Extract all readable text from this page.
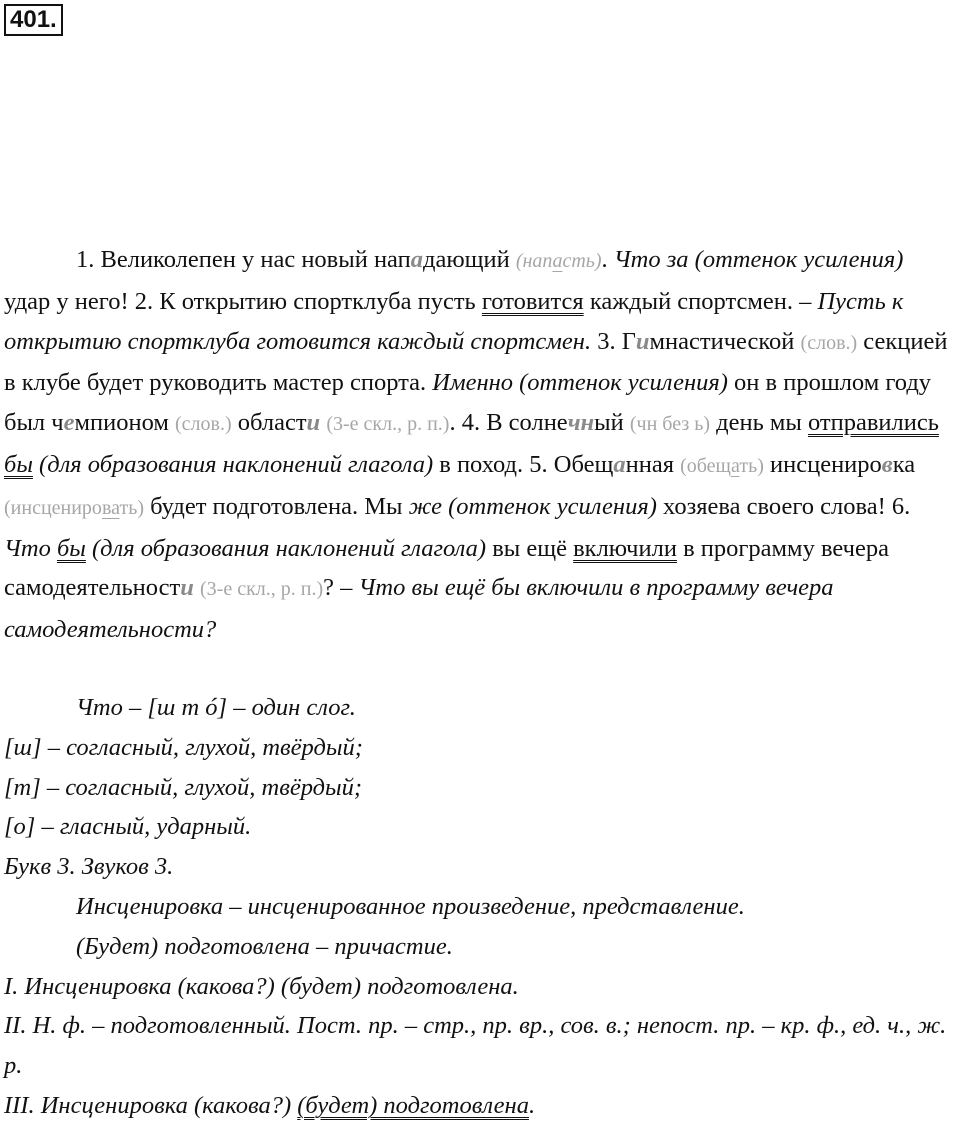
401.

1. Великолепен у нас новый нападающий (напасть). Что за (оттенок усиления) удар у него! 2. К открытию спортклуба пусть готовится каждый спортсмен. – Пусть к открытию спортклуба готовится каждый спортсмен. 3. Гимнастической (слов.) секцией в клубе будет руководить мастер спорта. Именно (оттенок усиления) он в прошлом году был чемпионом (слов.) области (3-е скл., р. п.). 4. В солнечный (чн без ь) день мы отправились бы (для образования наклонений глагола) в поход. 5. Обещанная (обещать) инсценировка (инсценировать) будет подготовлена. Мы же (оттенок усиления) хозяева своего слова! 6. Что бы (для образования наклонений глагола) вы ещё включили в программу вечера самодеятельности (3-е скл., р. п.)? – Что вы ещё бы включили в программу вечера самодеятельности?

Что – [ш т ó] – один слог.

[ш] – согласный, глухой, твёрдый;

[т] – согласный, глухой, твёрдый;

[о] – гласный, ударный.

Букв 3. Звуков 3.

Инсценировка – инсценированное произведение, представление.

(Будет) подготовлена – причастие.

I. Инсценировка (какова?) (будет) подготовлена.

II. Н. ф. – подготовленный. Пост. пр. – стр., пр. вр., сов. в.; непост. пр. – кр. ф., ед. ч., ж. р.

III. Инсценировка (какова?) (будет) подготовлена.
